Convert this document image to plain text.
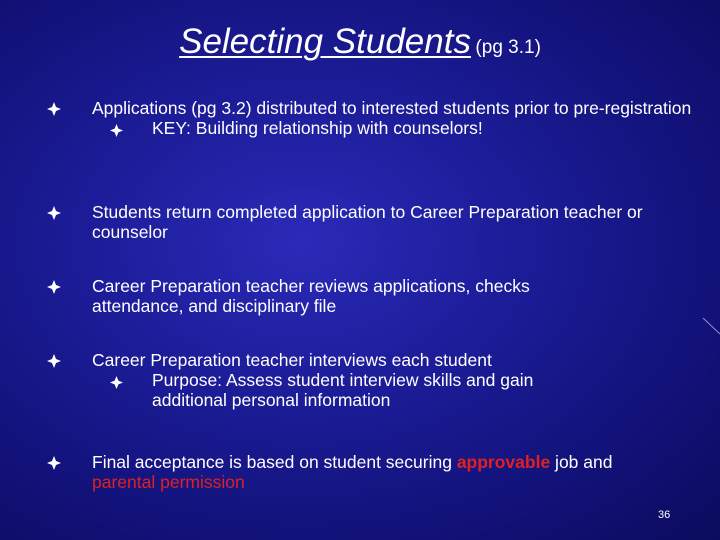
Selecting Students (pg 3.1)
Applications (pg 3.2) distributed to interested students prior to pre-registration
KEY: Building relationship with counselors!
Students return completed application to Career Preparation teacher or counselor
Career Preparation teacher reviews applications, checks attendance, and disciplinary file
Career Preparation teacher interviews each student
Purpose: Assess student interview skills and gain additional personal information
Final acceptance is based on student securing approvable job and parental permission
36
